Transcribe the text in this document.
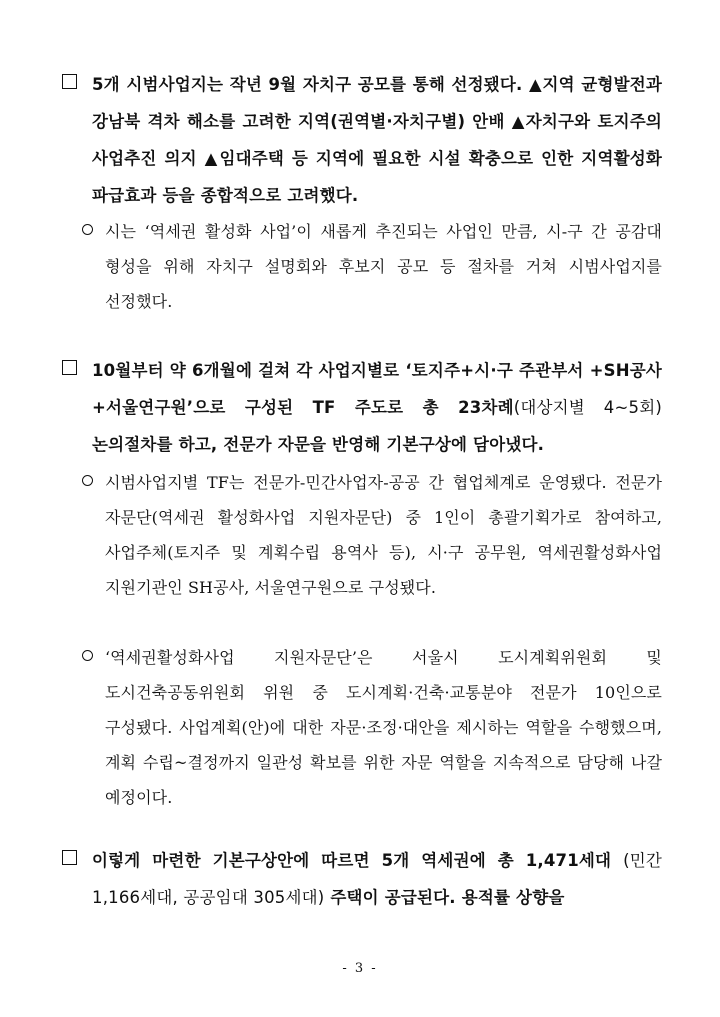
5개 시범사업지는 작년 9월 자치구 공모를 통해 선정됐다. ▲지역 균형발전과 강남북 격차 해소를 고려한 지역(권역별·자치구별) 안배 ▲자치구와 토지주의 사업추진 의지 ▲임대주택 등 지역에 필요한 시설 확충으로 인한 지역활성화 파급효과 등을 종합적으로 고려했다.

시는 ‘역세권 활성화 사업’이 새롭게 추진되는 사업인 만큼, 시-구 간 공감대 형성을 위해 자치구 설명회와 후보지 공모 등 절차를 거쳐 시범사업지를 선정했다.

10월부터 약 6개월에 걸쳐 각 사업지별로 ‘토지주+시·구 주관부서 +SH공사+서울연구원’으로 구성된 TF 주도로 총 23차례(대상지별 4~5회) 논의절차를 하고, 전문가 자문을 반영해 기본구상에 담아냈다.

시범사업지별 TF는 전문가-민간사업자-공공 간 협업체계로 운영됐다. 전문가 자문단(역세권 활성화사업 지원자문단) 중 1인이 총괄기획가로 참여하고, 사업주체(토지주 및 계획수립 용역사 등), 시·구 공무원, 역세권활성화사업 지원기관인 SH공사, 서울연구원으로 구성됐다.

‘역세권활성화사업 지원자문단’은 서울시 도시계획위원회 및 도시건축공동위원회 위원 중 도시계획·건축·교통분야 전문가 10인으로 구성됐다. 사업계획(안)에 대한 자문·조정·대안을 제시하는 역할을 수행했으며, 계획 수립~결정까지 일관성 확보를 위한 자문 역할을 지속적으로 담당해 나갈 예정이다.

이렇게 마련한 기본구상안에 따르면 5개 역세권에 총 1,471세대 (민간 1,166세대, 공공임대 305세대) 주택이 공급된다. 용적률 상향을

- 3 -
